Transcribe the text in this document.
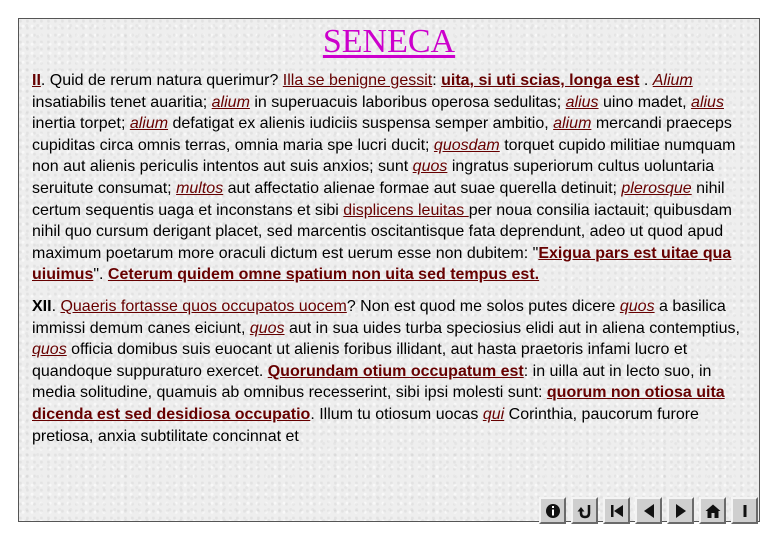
SENECA

II. Quid de rerum natura querimur? Illa se benigne gessit: uita, si uti scias, longa est . Alium insatiabilis tenet auaritia; alium in superuacuis laboribus operosa sedulitas; alius uino madet, alius inertia torpet; alium defatigat ex alienis iudiciis suspensa semper ambitio, alium mercandi praeceps cupiditas circa omnis terras, omnia maria spe lucri ducit; quosdam torquet cupido militiae numquam non aut alienis periculis intentos aut suis anxios; sunt quos ingratus superiorum cultus uoluntaria seruitute consumat; multos aut affectatio alienae formae aut suae querella detinuit; plerosque nihil certum sequentis uaga et inconstans et sibi displicens leuitas per noua consilia iactauit; quibusdam nihil quo cursum derigant placet, sed marcentis oscitantisque fata deprendunt, adeo ut quod apud maximum poetarum more oraculi dictum est uerum esse non dubitem: "Exigua pars est uitae qua uiuimus". Ceterum quidem omne spatium non uita sed tempus est.

XII. Quaeris fortasse quos occupatos uocem? Non est quod me solos putes dicere quos a basilica immissi demum canes eiciunt, quos aut in sua uides turba speciosius elidi aut in aliena contemptius, quos officia domibus suis euocant ut alienis foribus illidant, aut hasta praetoris infami lucro et quandoque suppuraturo exercet. Quorundam otium occupatum est: in uilla aut in lecto suo, in media solitudine, quamuis ab omnibus recesserint, sibi ipsi molesti sunt: quorum non otiosa uita dicenda est sed desidiosa occupatio. Illum tu otiosum uocas qui Corinthia, paucorum furore pretiosa, anxia subtilitate concinnat et
